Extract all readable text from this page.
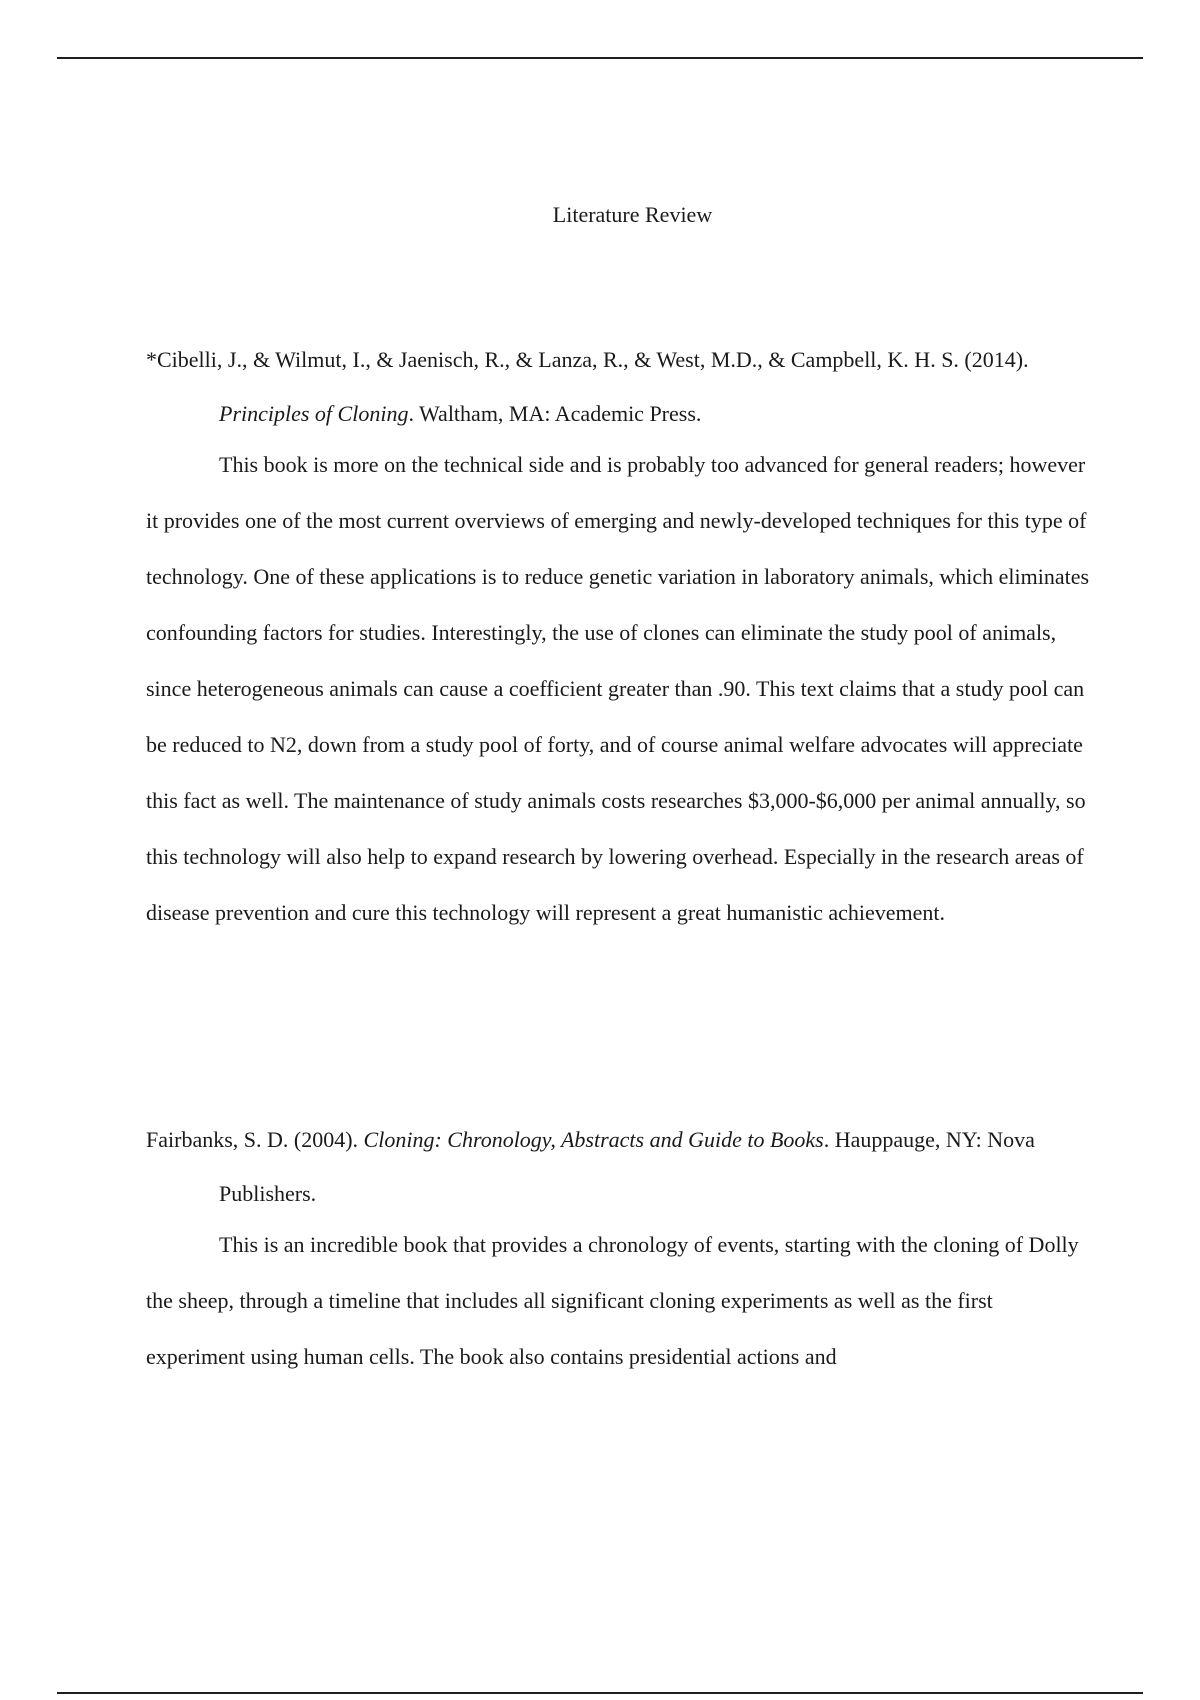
Literature Review

*Cibelli, J., & Wilmut, I., & Jaenisch, R., & Lanza, R., & West, M.D., & Campbell, K. H. S. (2014). Principles of Cloning. Waltham, MA: Academic Press.

This book is more on the technical side and is probably too advanced for general readers; however it provides one of the most current overviews of emerging and newly-developed techniques for this type of technology. One of these applications is to reduce genetic variation in laboratory animals, which eliminates confounding factors for studies. Interestingly, the use of clones can eliminate the study pool of animals, since heterogeneous animals can cause a coefficient greater than .90. This text claims that a study pool can be reduced to N2, down from a study pool of forty, and of course animal welfare advocates will appreciate this fact as well. The maintenance of study animals costs researches $3,000-$6,000 per animal annually, so this technology will also help to expand research by lowering overhead. Especially in the research areas of disease prevention and cure this technology will represent a great humanistic achievement.

Fairbanks, S. D. (2004). Cloning: Chronology, Abstracts and Guide to Books. Hauppauge, NY: Nova Publishers.

This is an incredible book that provides a chronology of events, starting with the cloning of Dolly the sheep, through a timeline that includes all significant cloning experiments as well as the first experiment using human cells. The book also contains presidential actions and
